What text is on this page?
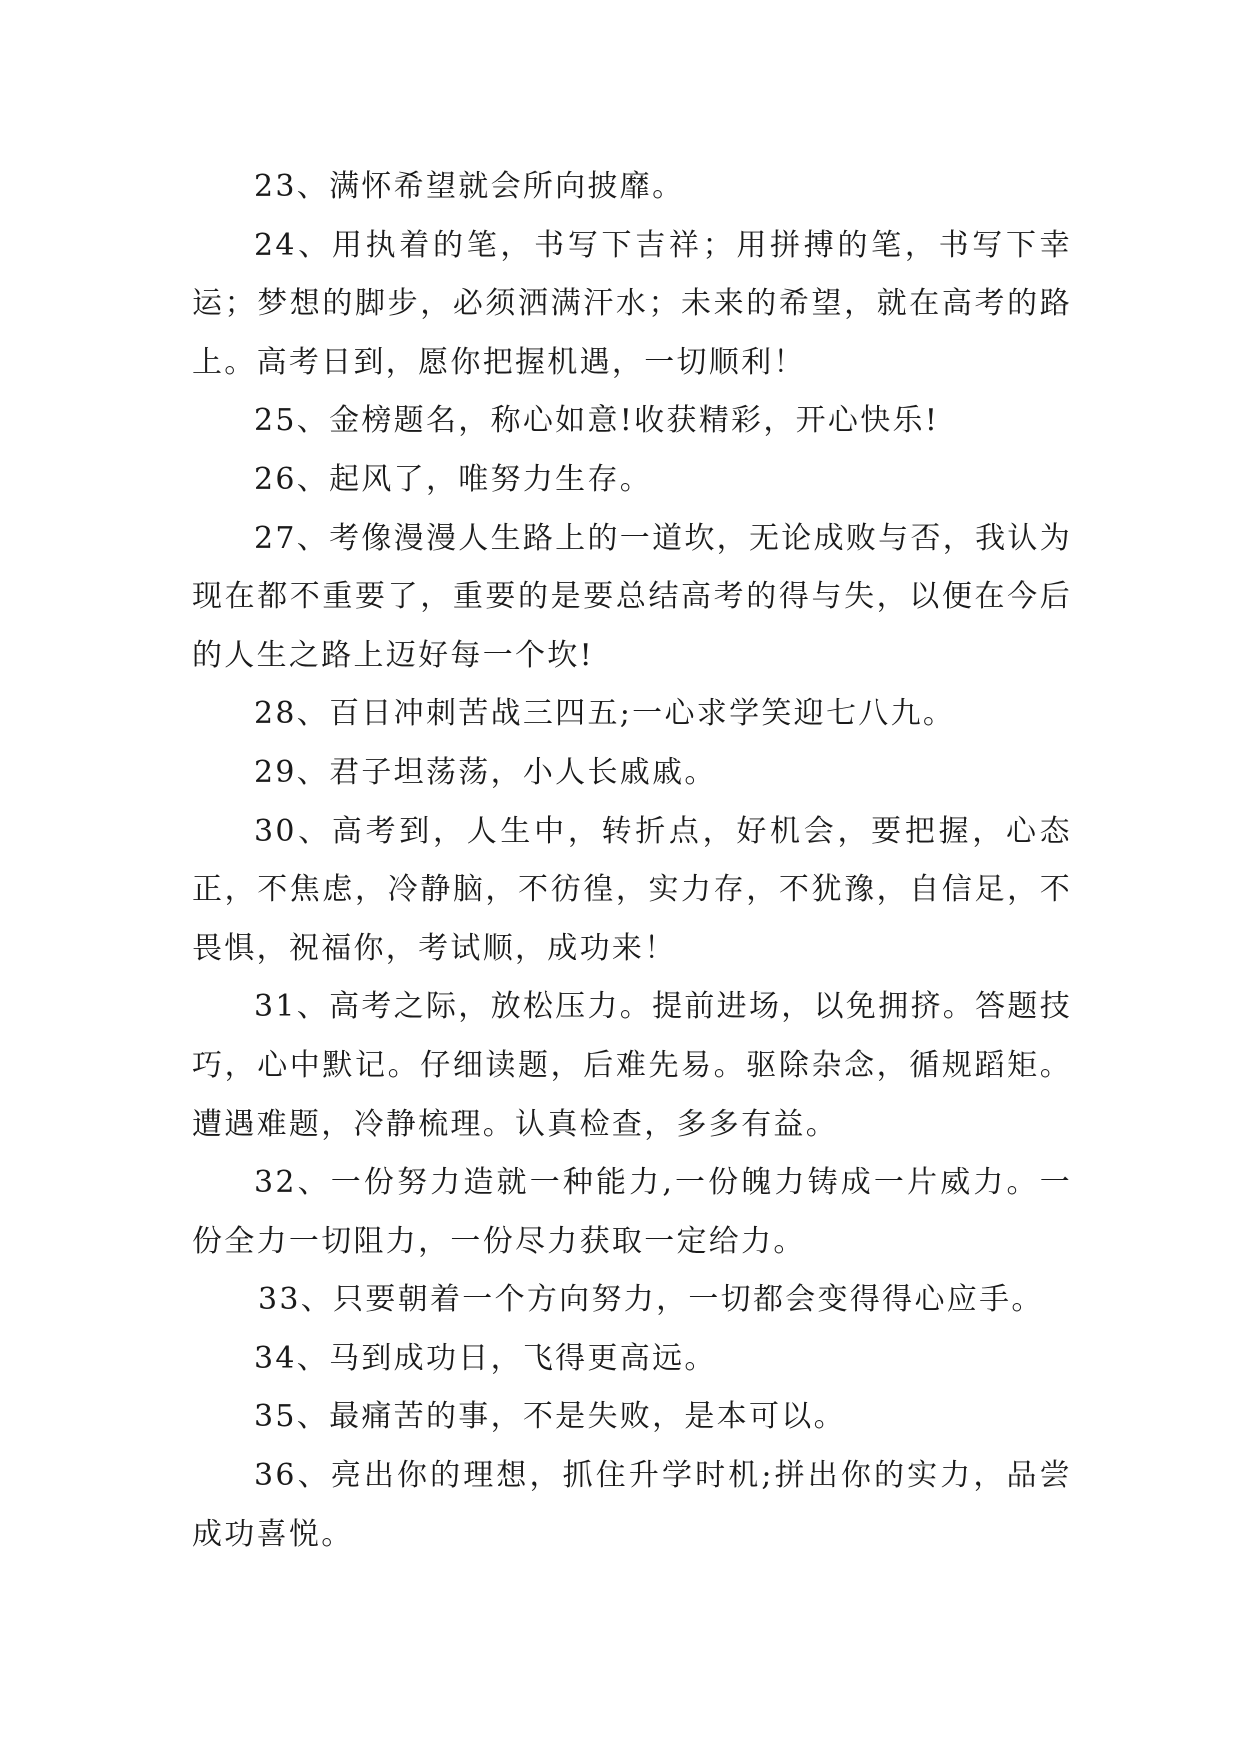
23、满怀希望就会所向披靡。

24、用执着的笔，书写下吉祥；用拼搏的笔，书写下幸运；梦想的脚步，必须洒满汗水；未来的希望，就在高考的路上。高考日到，愿你把握机遇，一切顺利！

25、金榜题名，称心如意!收获精彩，开心快乐!

26、起风了，唯努力生存。

27、考像漫漫人生路上的一道坎，无论成败与否，我认为现在都不重要了，重要的是要总结高考的得与失，以便在今后的人生之路上迈好每一个坎!

28、百日冲刺苦战三四五;一心求学笑迎七八九。

29、君子坦荡荡，小人长戚戚。

30、高考到，人生中，转折点，好机会，要把握，心态正，不焦虑，冷静脑，不彷徨，实力存，不犹豫，自信足，不畏惧，祝福你，考试顺，成功来！

31、高考之际，放松压力。提前进场，以免拥挤。答题技巧，心中默记。仔细读题，后难先易。驱除杂念，循规蹈矩。遭遇难题，冷静梳理。认真检查，多多有益。

32、一份努力造就一种能力,一份魄力铸成一片威力。一份全力一切阻力，一份尽力获取一定给力。

33、只要朝着一个方向努力，一切都会变得得心应手。

34、马到成功日，飞得更高远。

35、最痛苦的事，不是失败，是本可以。

36、亮出你的理想，抓住升学时机;拼出你的实力，品尝成功喜悦。
